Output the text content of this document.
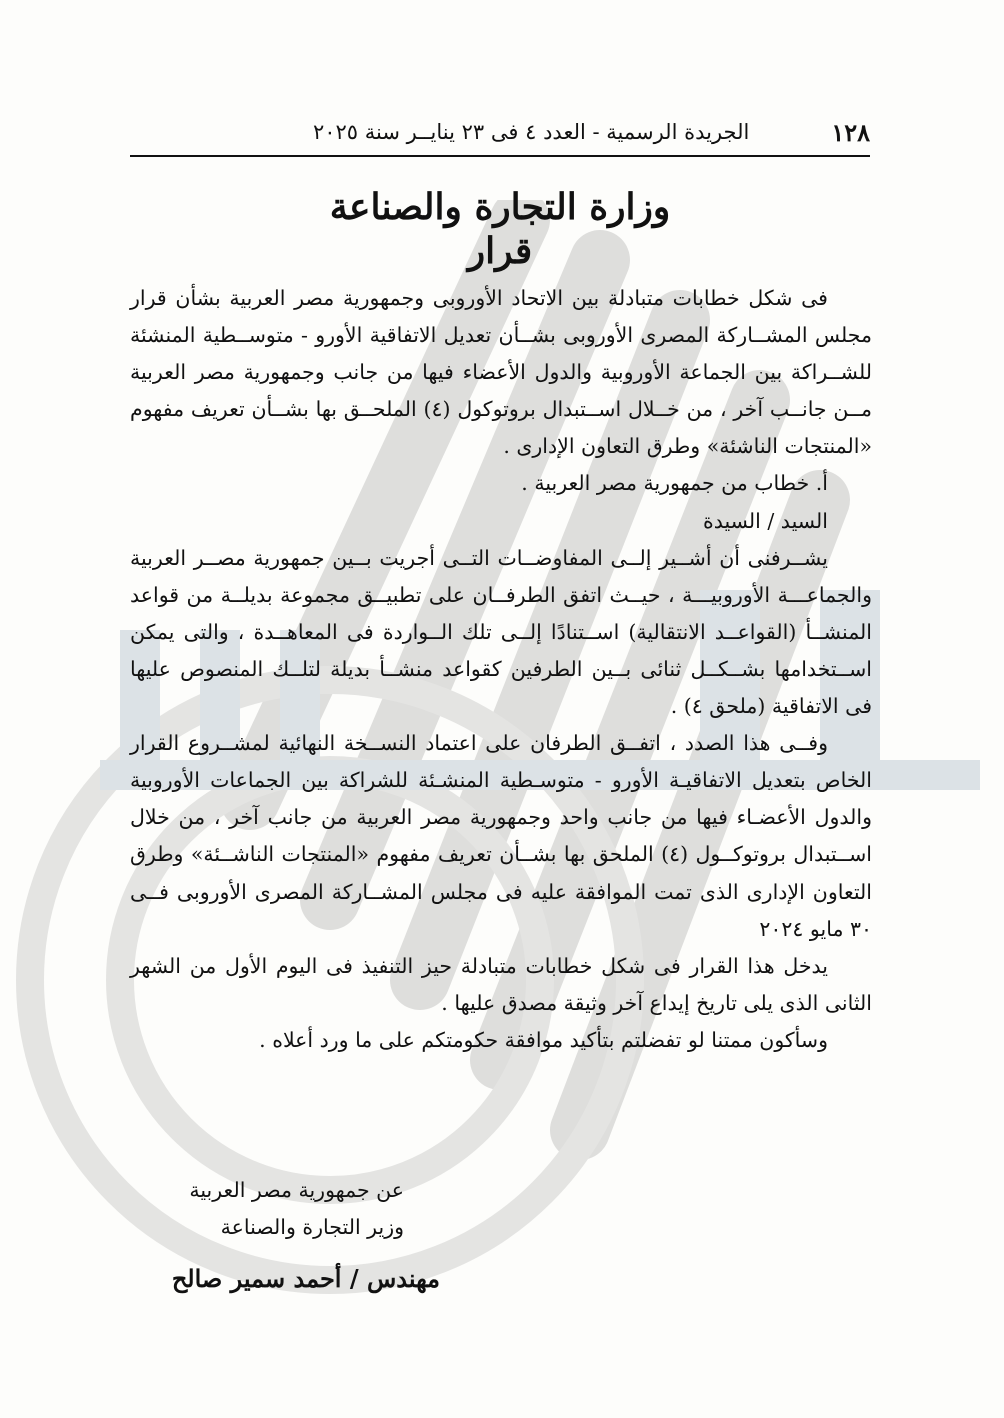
١٢٨
الجريدة الرسمية - العدد ٤ فى ٢٣ ينايــر سنة ٢٠٢٥
وزارة التجارة والصناعة
قرار

فى شكل خطابات متبادلة بين الاتحاد الأوروبى وجمهورية مصر العربية بشأن قرار مجلس المشــاركة المصرى الأوروبى بشــأن تعديل الاتفاقية الأورو - متوســطية المنشئة للشــراكة بين الجماعة الأوروبية والدول الأعضاء فيها من جانب وجمهورية مصر العربية مــن جانــب آخر ، من خــلال اســتبدال بروتوكول (٤) الملحــق بها بشــأن تعريف مفهوم «المنتجات الناشئة» وطرق التعاون الإدارى .

أ. خطاب من جمهورية مصر العربية .

السيد / السيدة

يشــرفنى أن أشــير إلــى المفاوضــات التــى أجريت بــين جمهورية مصــر العربية والجماعـــة الأوروبيـــة ، حيــث اتفق الطرفــان على تطبيــق مجموعة بديلــة من قواعد المنشــأ (القواعــد الانتقالية) اســتنادًا إلــى تلك الــواردة فى المعاهــدة ، والتى يمكن اســتخدامها بشــكــل ثنائى بــين الطرفين كقواعد منشــأ بديلة لتلــك المنصوص عليها فى الاتفاقية (ملحق ٤) .

وفــى هذا الصدد ، اتفــق الطرفان على اعتماد النســخة النهائية لمشــروع القرار الخاص بتعديل الاتفاقيـة الأورو - متوسـطية المنشـئة للشراكة بين الجماعات الأوروبية والدول الأعضـاء فيها من جانب واحد وجمهورية مصر العربية من جانب آخر ، من خلال اســتبدال بروتوكــول (٤) الملحق بها بشــأن تعريف مفهوم «المنتجات الناشــئة» وطرق التعاون الإدارى الذى تمت الموافقة عليه فى مجلس المشــاركة المصرى الأوروبى فــى ٣٠ مايو ٢٠٢٤

يدخل هذا القرار فى شكل خطابات متبادلة حيز التنفيذ فى اليوم الأول من الشهر الثانى الذى يلى تاريخ إيداع آخر وثيقة مصدق عليها .

وسأكون ممتنا لو تفضلتم بتأكيد موافقة حكومتكم على ما ورد أعلاه .

عن جمهورية مصر العربية
وزير التجارة والصناعة
مهندس / أحمد سمير صالح
